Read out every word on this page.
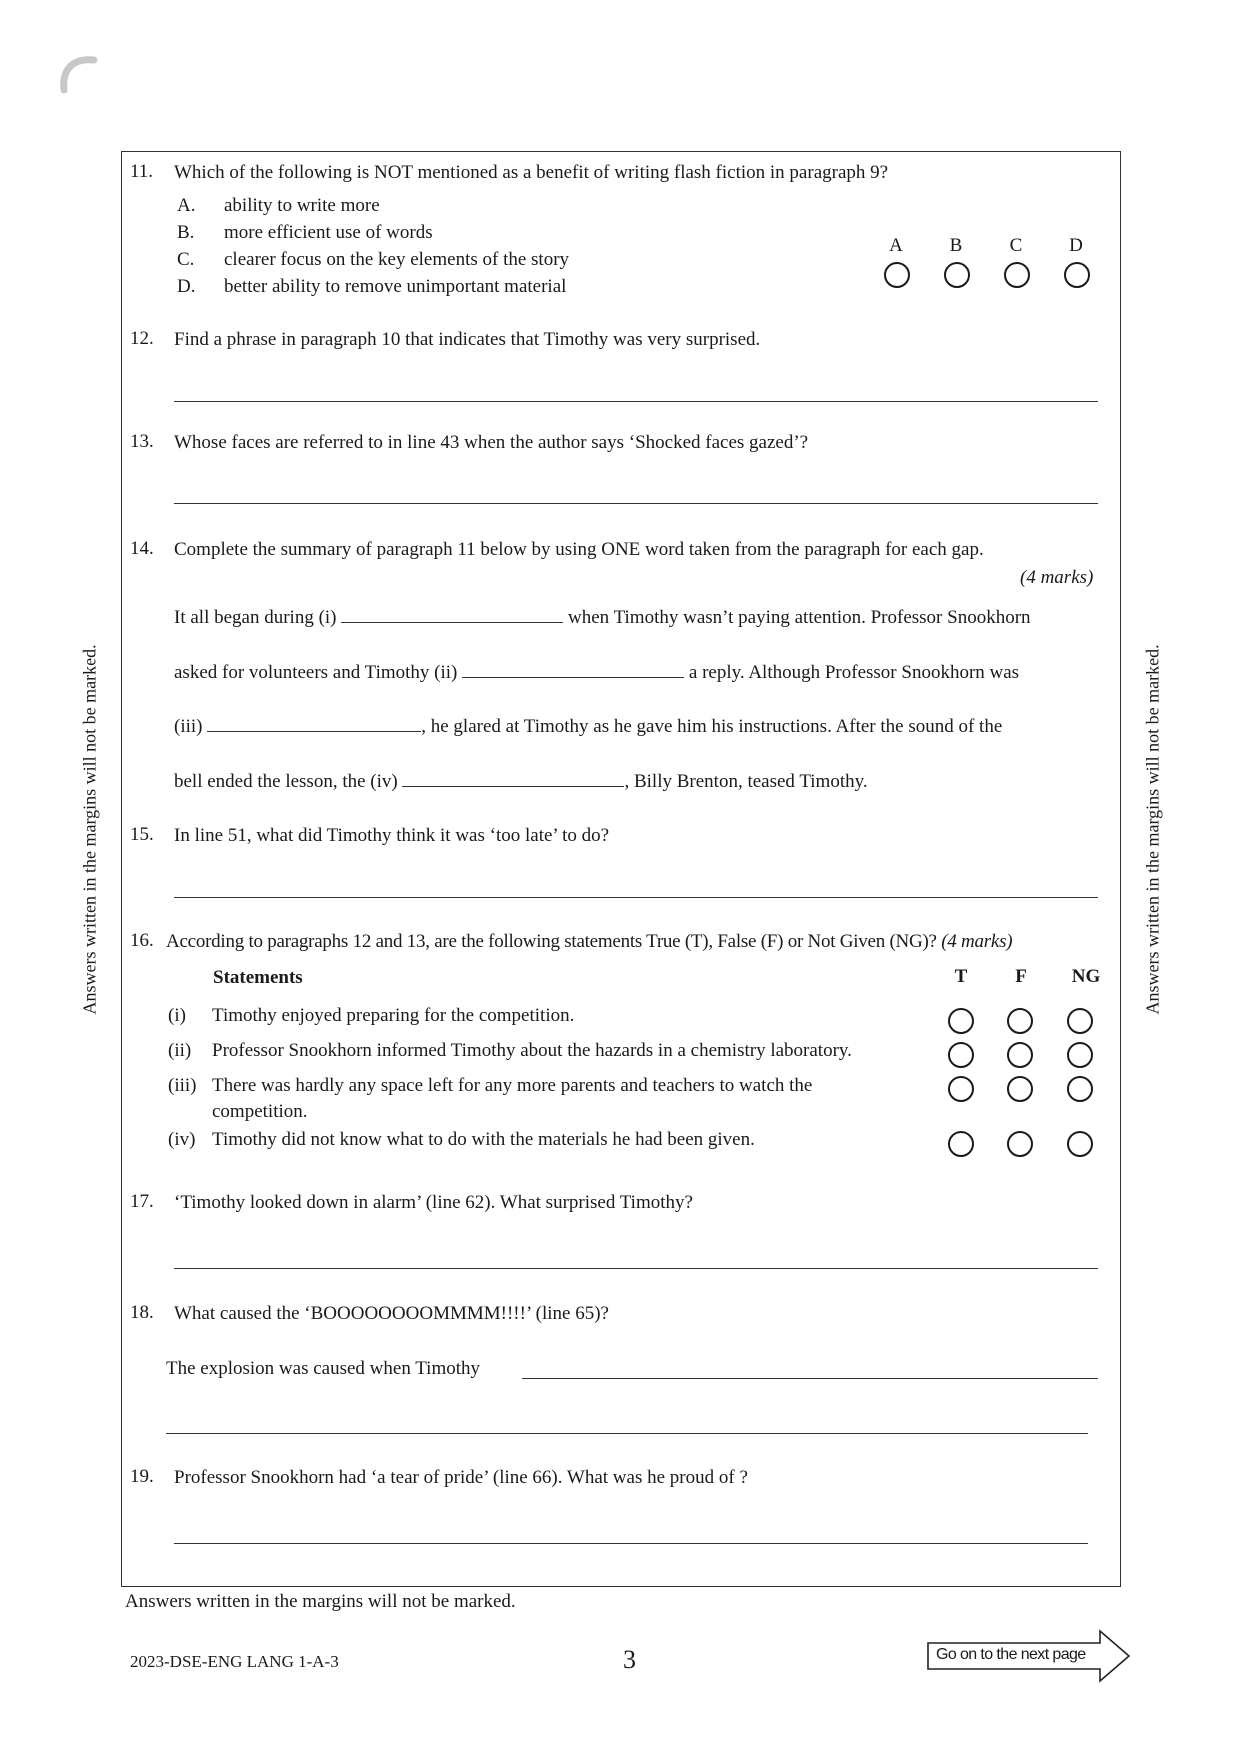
Answers written in the margins will not be marked.	Answers written in the margins will not be marked.
11. Which of the following is NOT mentioned as a benefit of writing flash fiction in paragraph 9?
A. ability to write more
B. more efficient use of words
C. clearer focus on the key elements of the story
D. better ability to remove unimportant material
A	B	C	D
12. Find a phrase in paragraph 10 that indicates that Timothy was very surprised.
13. Whose faces are referred to in line 43 when the author says ‘Shocked faces gazed’?
14. Complete the summary of paragraph 11 below by using ONE word taken from the paragraph for each gap.
(4 marks)
It all began during (i)	when Timothy wasn’t paying attention. Professor Snookhorn
asked for volunteers and Timothy (ii)	a reply. Although Professor Snookhorn was
(iii)	, he glared at Timothy as he gave him his instructions. After the sound of the
bell ended the lesson, the (iv)	, Billy Brenton, teased Timothy.
15. In line 51, what did Timothy think it was ‘too late’ to do?
16. According to paragraphs 12 and 13, are the following statements True (T), False (F) or Not Given (NG)? (4 marks)
Statements	T	F	NG
(i) Timothy enjoyed preparing for the competition.
(ii) Professor Snookhorn informed Timothy about the hazards in a chemistry laboratory.
(iii) There was hardly any space left for any more parents and teachers to watch the
competition.
(iv) Timothy did not know what to do with the materials he had been given.
17. ‘Timothy looked down in alarm’ (line 62). What surprised Timothy?
18. What caused the ‘BOOOOOOOOMMMM!!!!’ (line 65)?
The explosion was caused when Timothy
19. Professor Snookhorn had ‘a tear of pride’ (line 66). What was he proud of ?
Answers written in the margins will not be marked.
2023-DSE-ENG LANG 1-A-3	3	Go on to the next page
